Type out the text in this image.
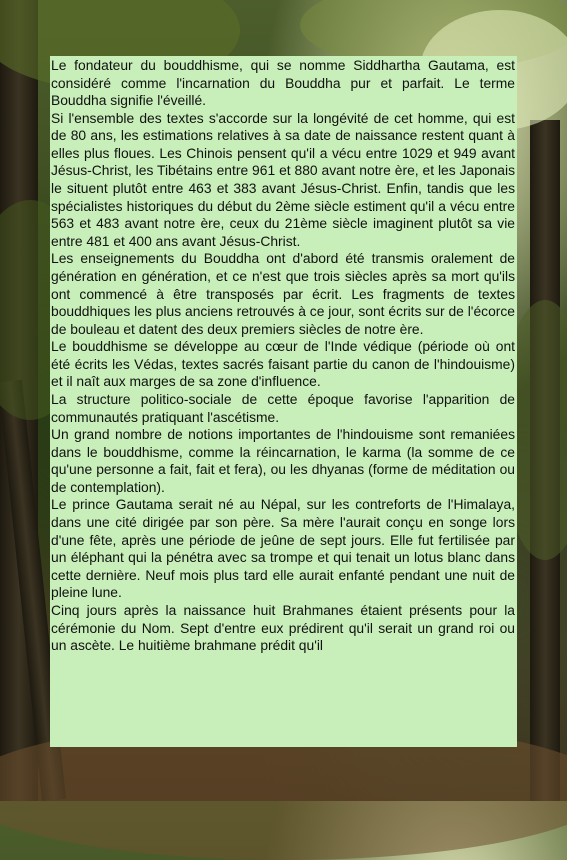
Le fondateur du bouddhisme, qui se nomme Siddhartha Gautama, est considéré comme l'incarnation du Bouddha pur et parfait. Le terme Bouddha signifie l'éveillé.

Si l'ensemble des textes s'accorde sur la longévité de cet homme, qui est de 80 ans, les estimations relatives à sa date de naissance restent quant à elles plus floues. Les Chinois pensent qu'il a vécu entre 1029 et 949 avant Jésus-Christ, les Tibétains entre 961 et 880 avant notre ère, et les Japonais le situent plutôt entre 463 et 383 avant Jésus-Christ. Enfin, tandis que les spécialistes historiques du début du 2ème siècle estiment qu'il a vécu entre 563 et 483 avant notre ère, ceux du 21ème siècle imaginent plutôt sa vie entre 481 et 400 ans avant Jésus-Christ.

Les enseignements du Bouddha ont d'abord été transmis oralement de génération en génération, et ce n'est que trois siècles après sa mort qu'ils ont commencé à être transposés par écrit. Les fragments de textes bouddhiques les plus anciens retrouvés à ce jour, sont écrits sur de l'écorce de bouleau et datent des deux premiers siècles de notre ère.

Le bouddhisme se développe au cœur de l'Inde védique (période où ont été écrits les Védas, textes sacrés faisant partie du canon de l'hindouisme) et il naît aux marges de sa zone d'influence.

La structure politico-sociale de cette époque favorise l'apparition de communautés pratiquant l'ascétisme.

Un grand nombre de notions importantes de l'hindouisme sont remaniées dans le bouddhisme, comme la réincarnation, le karma (la somme de ce qu'une personne a fait, fait et fera), ou les dhyanas (forme de méditation ou de contemplation).

Le prince Gautama serait né au Népal, sur les contreforts de l'Himalaya, dans une cité dirigée par son père. Sa mère l'aurait conçu en songe lors d'une fête, après une période de jeûne de sept jours. Elle fut fertilisée par un éléphant qui la pénétra avec sa trompe et qui tenait un lotus blanc dans cette dernière. Neuf mois plus tard elle aurait enfanté pendant une nuit de pleine lune.

Cinq jours après la naissance huit Brahmanes étaient présents pour la cérémonie du Nom. Sept d'entre eux prédirent qu'il serait un grand roi ou un ascète. Le huitième brahmane prédit qu'il
